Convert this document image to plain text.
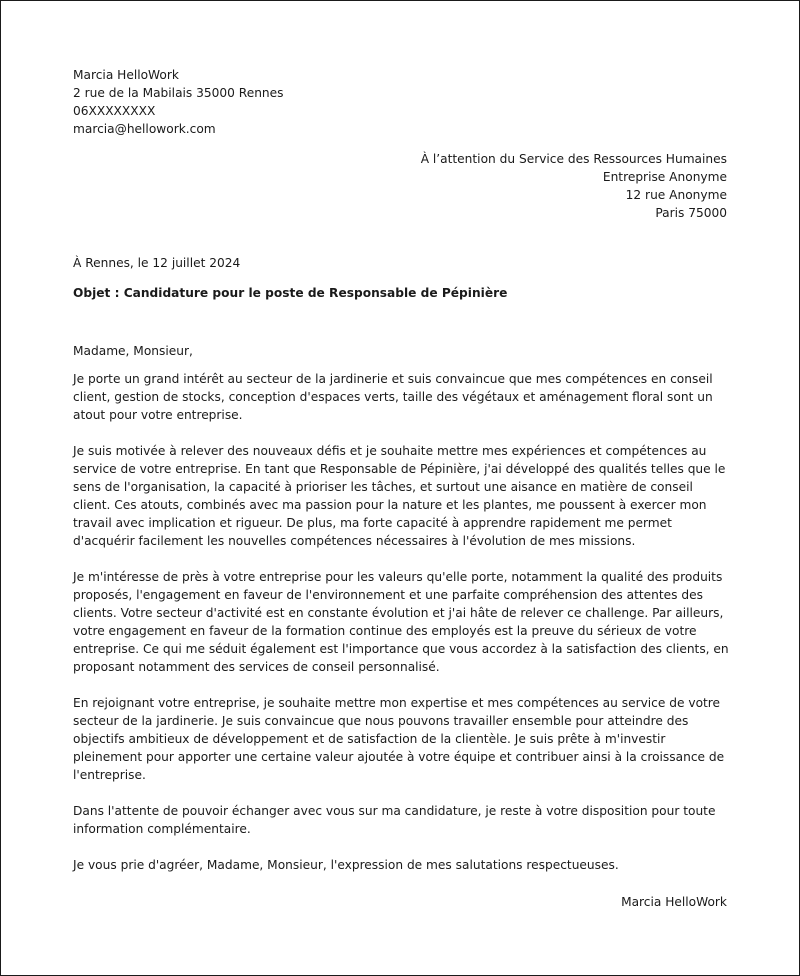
Marcia HelloWork
2 rue de la Mabilais 35000 Rennes
06XXXXXXXX
marcia@hellowork.com
À l’attention du Service des Ressources Humaines
Entreprise Anonyme
12 rue Anonyme
Paris 75000
À Rennes, le 12 juillet 2024
Objet : Candidature pour le poste de Responsable de Pépinière

Madame, Monsieur,

Je porte un grand intérêt au secteur de la jardinerie et suis convaincue que mes compétences en conseil client, gestion de stocks, conception d'espaces verts, taille des végétaux et aménagement floral sont un atout pour votre entreprise.

Je suis motivée à relever des nouveaux défis et je souhaite mettre mes expériences et compétences au service de votre entreprise. En tant que Responsable de Pépinière, j'ai développé des qualités telles que le sens de l'organisation, la capacité à prioriser les tâches, et surtout une aisance en matière de conseil client. Ces atouts, combinés avec ma passion pour la nature et les plantes, me poussent à exercer mon travail avec implication et rigueur. De plus, ma forte capacité à apprendre rapidement me permet d'acquérir facilement les nouvelles compétences nécessaires à l'évolution de mes missions.

Je m'intéresse de près à votre entreprise pour les valeurs qu'elle porte, notamment la qualité des produits proposés, l'engagement en faveur de l'environnement et une parfaite compréhension des attentes des clients. Votre secteur d'activité est en constante évolution et j'ai hâte de relever ce challenge. Par ailleurs, votre engagement en faveur de la formation continue des employés est la preuve du sérieux de votre entreprise. Ce qui me séduit également est l'importance que vous accordez à la satisfaction des clients, en proposant notamment des services de conseil personnalisé.

En rejoignant votre entreprise, je souhaite mettre mon expertise et mes compétences au service de votre secteur de la jardinerie. Je suis convaincue que nous pouvons travailler ensemble pour atteindre des objectifs ambitieux de développement et de satisfaction de la clientèle. Je suis prête à m'investir pleinement pour apporter une certaine valeur ajoutée à votre équipe et contribuer ainsi à la croissance de l'entreprise.

Dans l'attente de pouvoir échanger avec vous sur ma candidature, je reste à votre disposition pour toute information complémentaire.

Je vous prie d'agréer, Madame, Monsieur, l'expression de mes salutations respectueuses.

Marcia HelloWork
